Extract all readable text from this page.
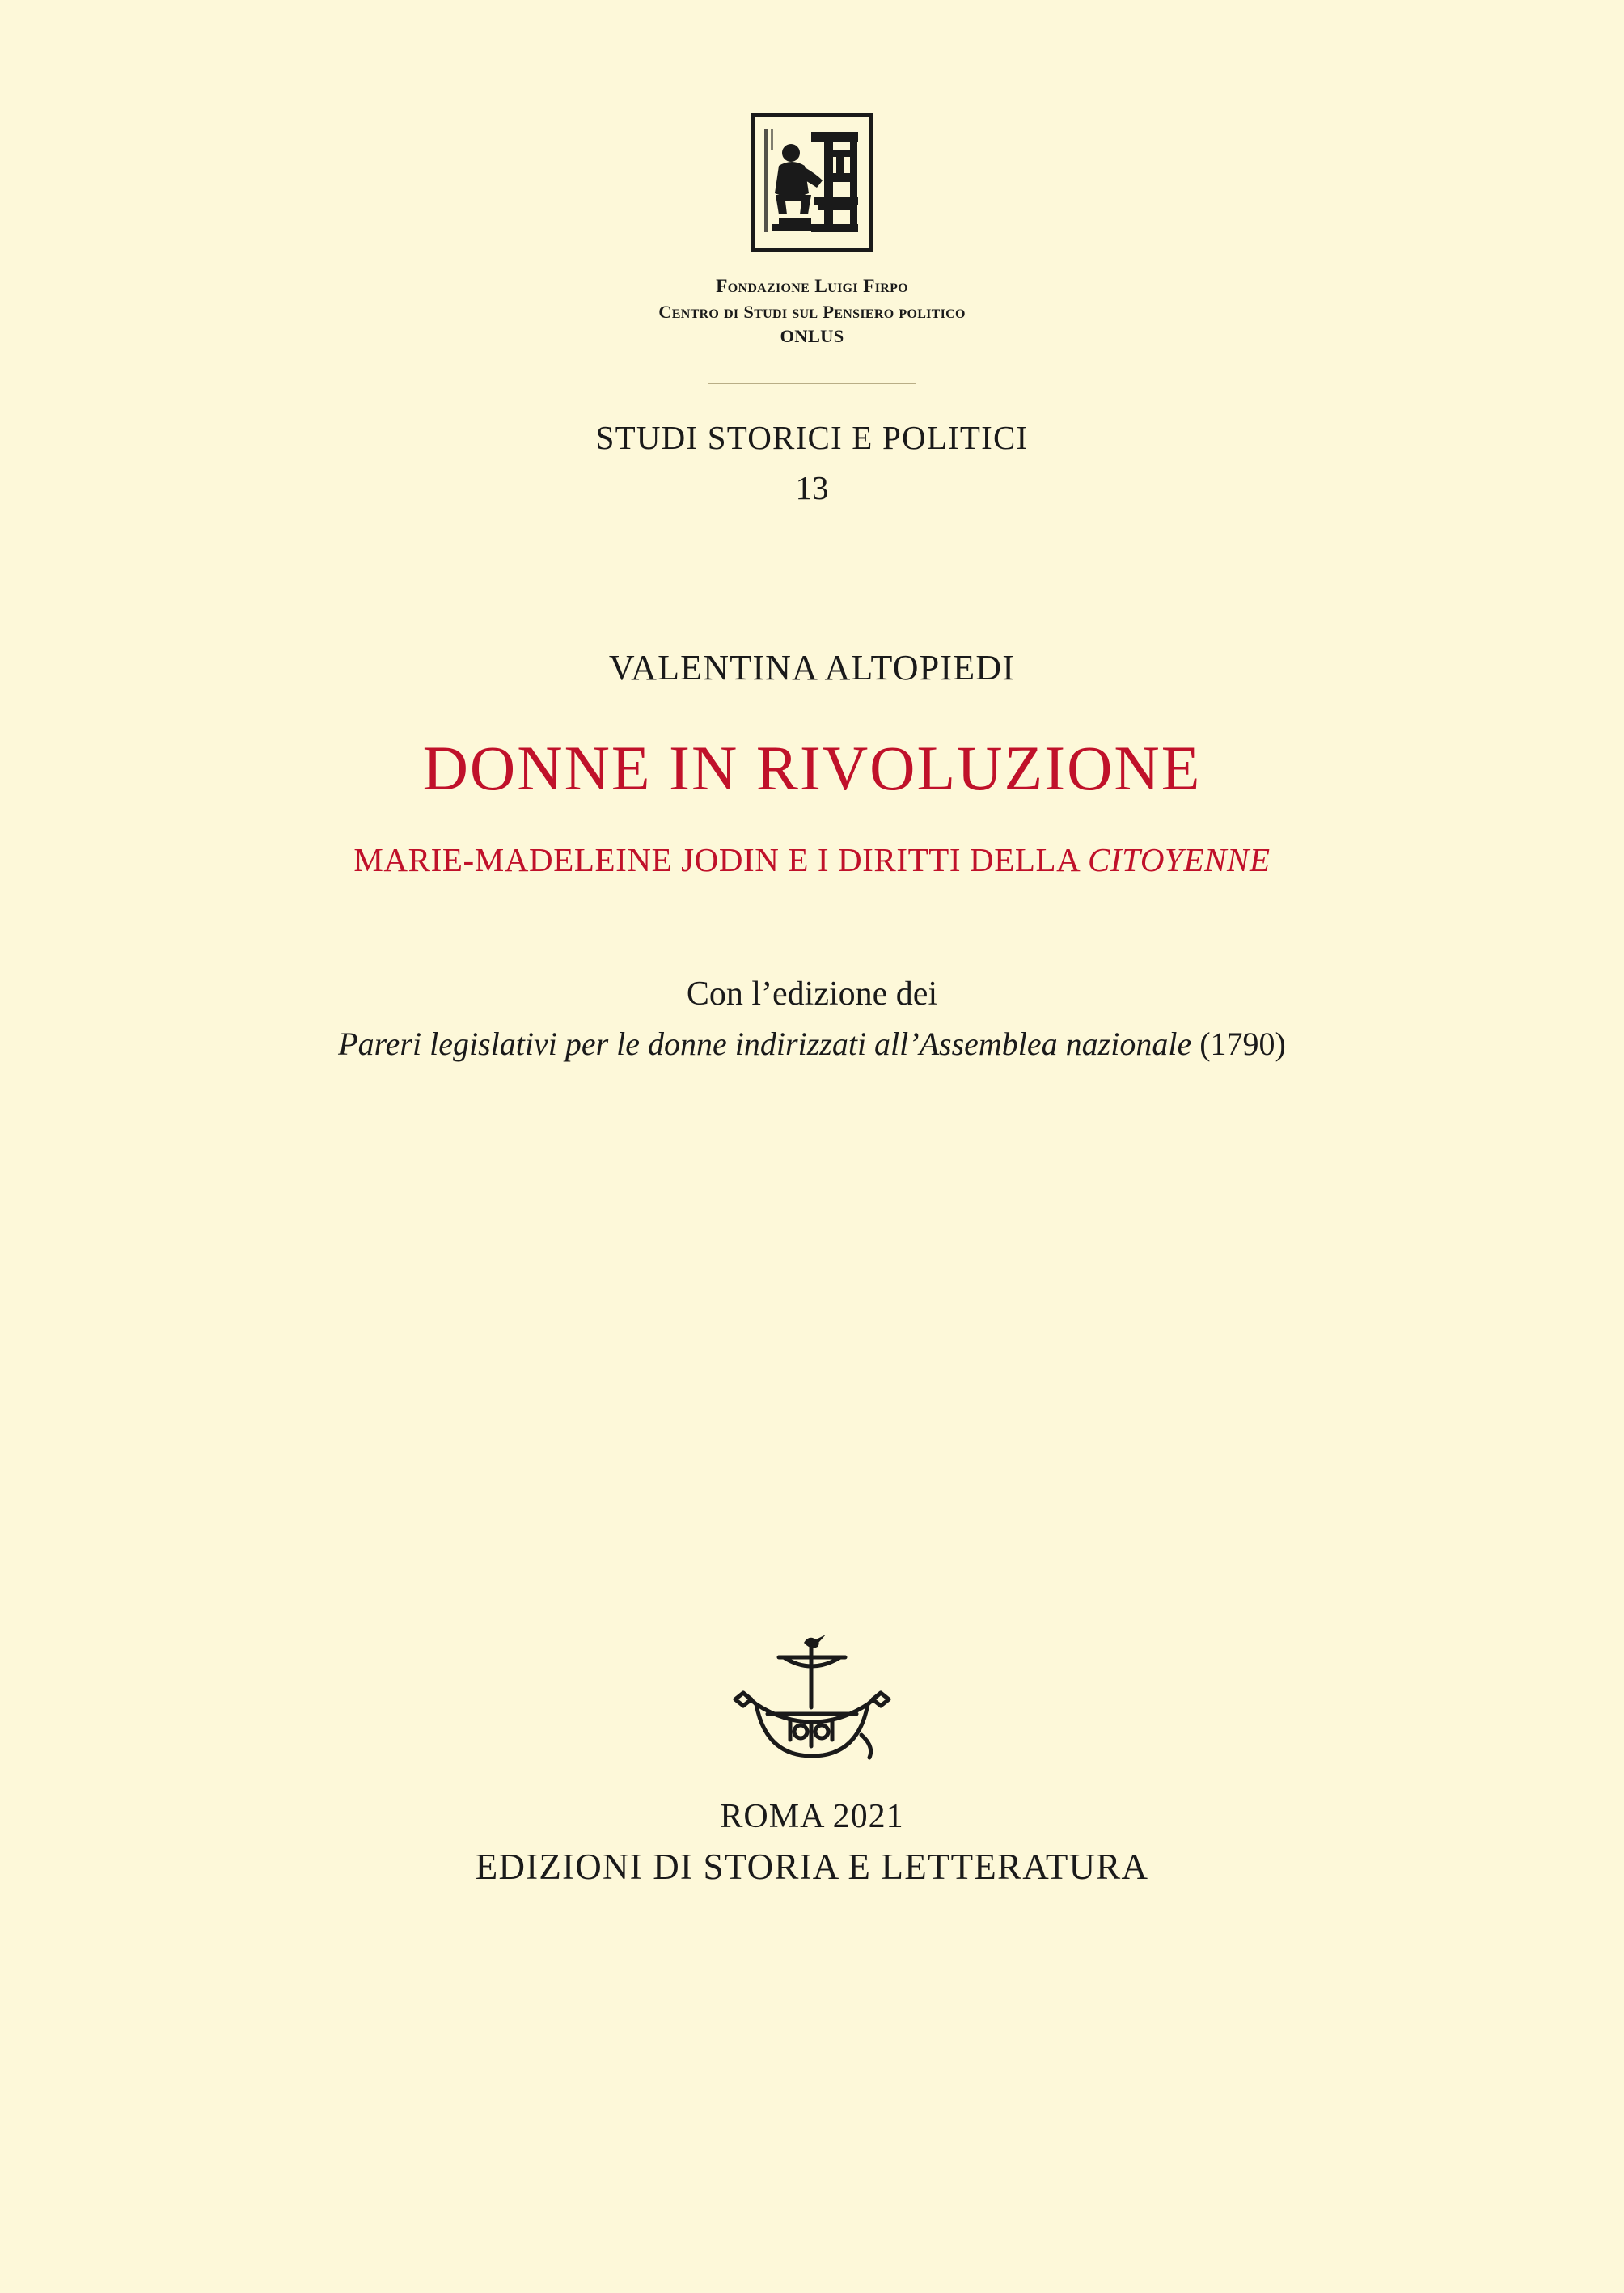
Fondazione Luigi Firpo
Centro di Studi sul Pensiero politico
ONLUS
STUDI STORICI E POLITICI
13
VALENTINA ALTOPIEDI
DONNE IN RIVOLUZIONE
MARIE-MADELEINE JODIN E I DIRITTI DELLA CITOYENNE
Con l’edizione dei
Pareri legislativi per le donne indirizzati all’Assemblea nazionale (1790)
ROMA 2021
EDIZIONI DI STORIA E LETTERATURA
